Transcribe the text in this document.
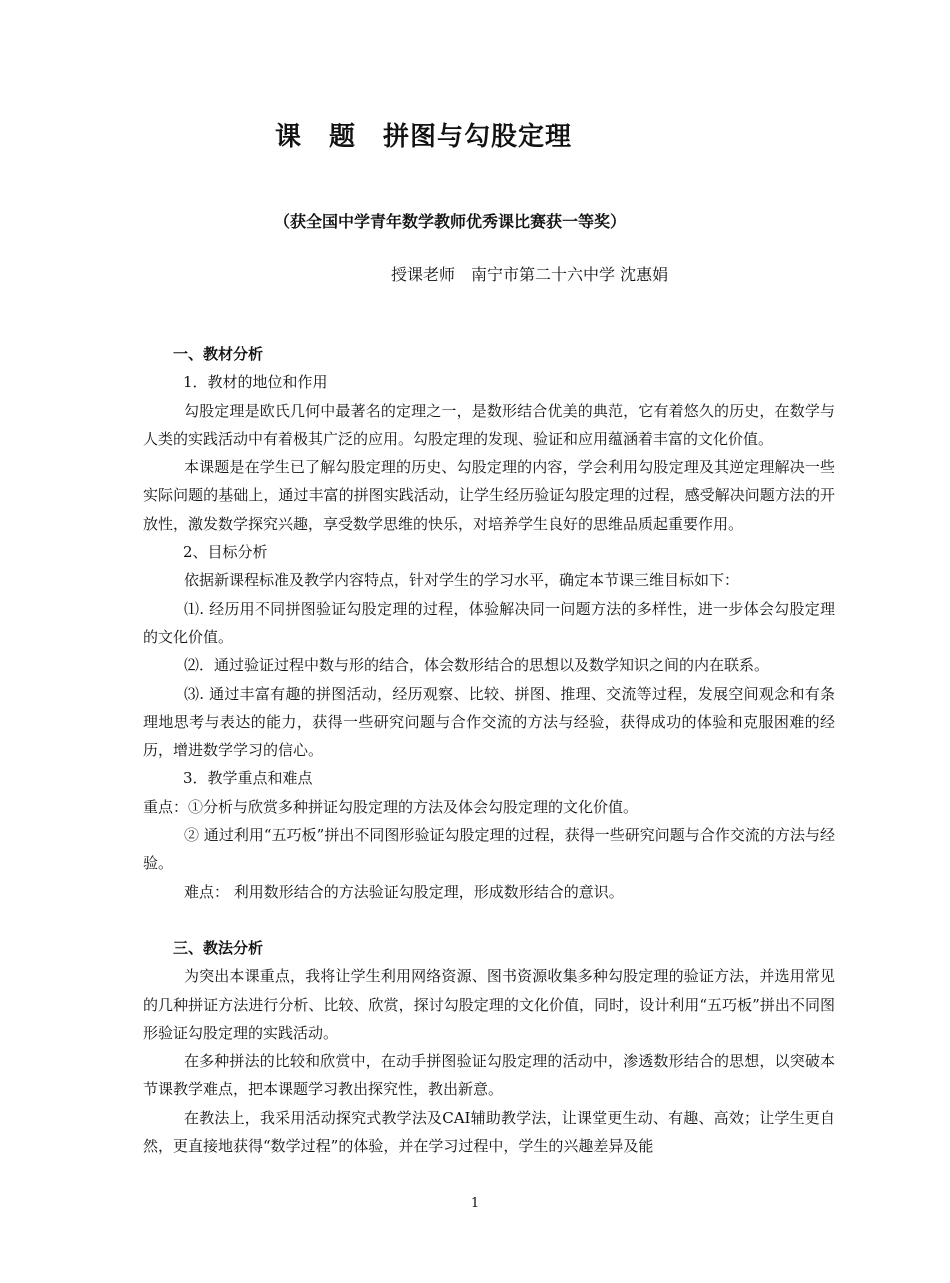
课　题　拼图与勾股定理
（获全国中学青年数学教师优秀课比赛获一等奖）
授课老师　南宁市第二十六中学 沈惠娟

一、教材分析

1．教材的地位和作用

勾股定理是欧氏几何中最著名的定理之一，是数形结合优美的典范，它有着悠久的历史，在数学与人类的实践活动中有着极其广泛的应用。勾股定理的发现、验证和应用蕴涵着丰富的文化价值。

本课题是在学生已了解勾股定理的历史、勾股定理的内容，学会利用勾股定理及其逆定理解决一些实际问题的基础上，通过丰富的拼图实践活动，让学生经历验证勾股定理的过程，感受解决问题方法的开放性，激发数学探究兴趣，享受数学思维的快乐，对培养学生良好的思维品质起重要作用。

2、目标分析

依据新课程标准及教学内容特点，针对学生的学习水平，确定本节课三维目标如下：

⑴. 经历用不同拼图验证勾股定理的过程，体验解决同一问题方法的多样性，进一步体会勾股定理的文化价值。

⑵．通过验证过程中数与形的结合，体会数形结合的思想以及数学知识之间的内在联系。

⑶. 通过丰富有趣的拼图活动，经历观察、比较、拼图、推理、交流等过程，发展空间观念和有条理地思考与表达的能力，获得一些研究问题与合作交流的方法与经验，获得成功的体验和克服困难的经历，增进数学学习的信心。

3．教学重点和难点

重点：①分析与欣赏多种拼证勾股定理的方法及体会勾股定理的文化价值。

② 通过利用“五巧板”拼出不同图形验证勾股定理的过程，获得一些研究问题与合作交流的方法与经验。

难点： 利用数形结合的方法验证勾股定理，形成数形结合的意识。

三、教法分析

为突出本课重点，我将让学生利用网络资源、图书资源收集多种勾股定理的验证方法，并选用常见的几种拼证方法进行分析、比较、欣赏，探讨勾股定理的文化价值，同时，设计利用“五巧板”拼出不同图形验证勾股定理的实践活动。

在多种拼法的比较和欣赏中，在动手拼图验证勾股定理的活动中，渗透数形结合的思想，以突破本节课教学难点，把本课题学习教出探究性，教出新意。

在教法上，我采用活动探究式教学法及CAI辅助教学法，让课堂更生动、有趣、高效；让学生更自然，更直接地获得“数学过程”的体验，并在学习过程中，学生的兴趣差异及能

1
